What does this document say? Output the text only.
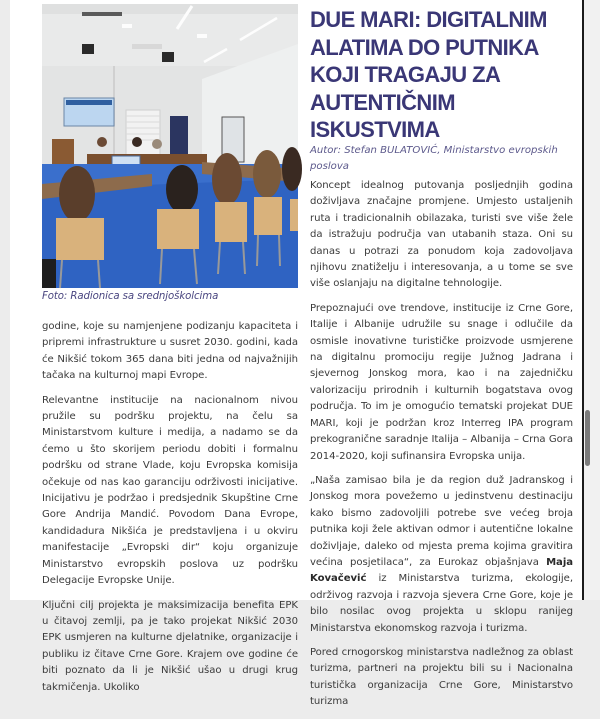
Foto: Radionica sa srednjoškolcima

godine, koje su namjenjene podizanju kapaciteta i pripremi infrastrukture u susret 2030. godini, kada će Nikšić tokom 365 dana biti jedna od najvažnijih tačaka na kulturnoj mapi Evrope.

Relevantne institucije na nacionalnom nivou pružile su podršku projektu, na čelu sa Ministarstvom kulture i medija, a nadamo se da ćemo u što skorijem periodu dobiti i formalnu podršku od strane Vlade, koju Evropska komisija očekuje od nas kao garanciju održivosti inicijative. Inicijativu je podržao i predsjednik Skupštine Crne Gore Andrija Mandić. Povodom Dana Evrope, kandidadura Nikšića je predstavljena i u okviru manifestacije „Evropski dir“ koju organizuje Ministarstvo evropskih poslova uz podršku Delegacije Evropske Unije.

Ključni cilj projekta je maksimizacija benefita EPK u čitavoj zemlji, pa je tako projekat Nikšić 2030 EPK usmjeren na kulturne djelatnike, organizacije i publiku iz čitave Crne Gore. Krajem ove godine će biti poznato da li je Nikšić ušao u drugi krug takmičenja. Ukoliko

DUE MARI: DIGITALNIM ALATIMA DO PUTNIKA KOJI TRAGAJU ZA AUTENTIČNIM ISKUSTVIMA
Autor: Stefan BULATOVIĆ, Ministarstvo evropskih poslova

Koncept idealnog putovanja posljednjih godina doživljava značajne promjene. Umjesto ustaljenih ruta i tradicionalnih obilazaka, turisti sve više žele da istražuju područja van utabanih staza. Oni su danas u potrazi za ponudom koja zadovoljava njihovu znatiželju i interesovanja, a u tome se sve više oslanjaju na digitalne tehnologije.

Prepoznajući ove trendove, institucije iz Crne Gore, Italije i Albanije udružile su snage i odlučile da osmisle inovativne turističke proizvode usmjerene na digitalnu promociju regije Južnog Jadrana i sjevernog Jonskog mora, kao i na zajedničku valorizaciju prirodnih i kulturnih bogatstava ovog područja. To im je omogućio tematski projekat DUE MARI, koji je podržan kroz Interreg IPA program prekogranične saradnje Italija – Albanija – Crna Gora 2014-2020, koji sufinansira Evropska unija.

„Naša zamisao bila je da region duž Jadranskog i Jonskog mora povežemo u jedinstvenu destinaciju kako bismo zadovoljili potrebe sve većeg broja putnika koji žele aktivan odmor i autentične lokalne doživljaje, daleko od mjesta prema kojima gravitira većina posjetilaca“, za Eurokaz objašnjava Maja Kovačević iz Ministarstva turizma, ekologije, održivog razvoja i razvoja sjevera Crne Gore, koje je bilo nosilac ovog projekta u sklopu ranijeg Ministarstva ekonomskog razvoja i turizma.

Pored crnogorskog ministarstva nadležnog za oblast turizma, partneri na projektu bili su i Nacionalna turistička organizacija Crne Gore, Ministarstvo turizma
